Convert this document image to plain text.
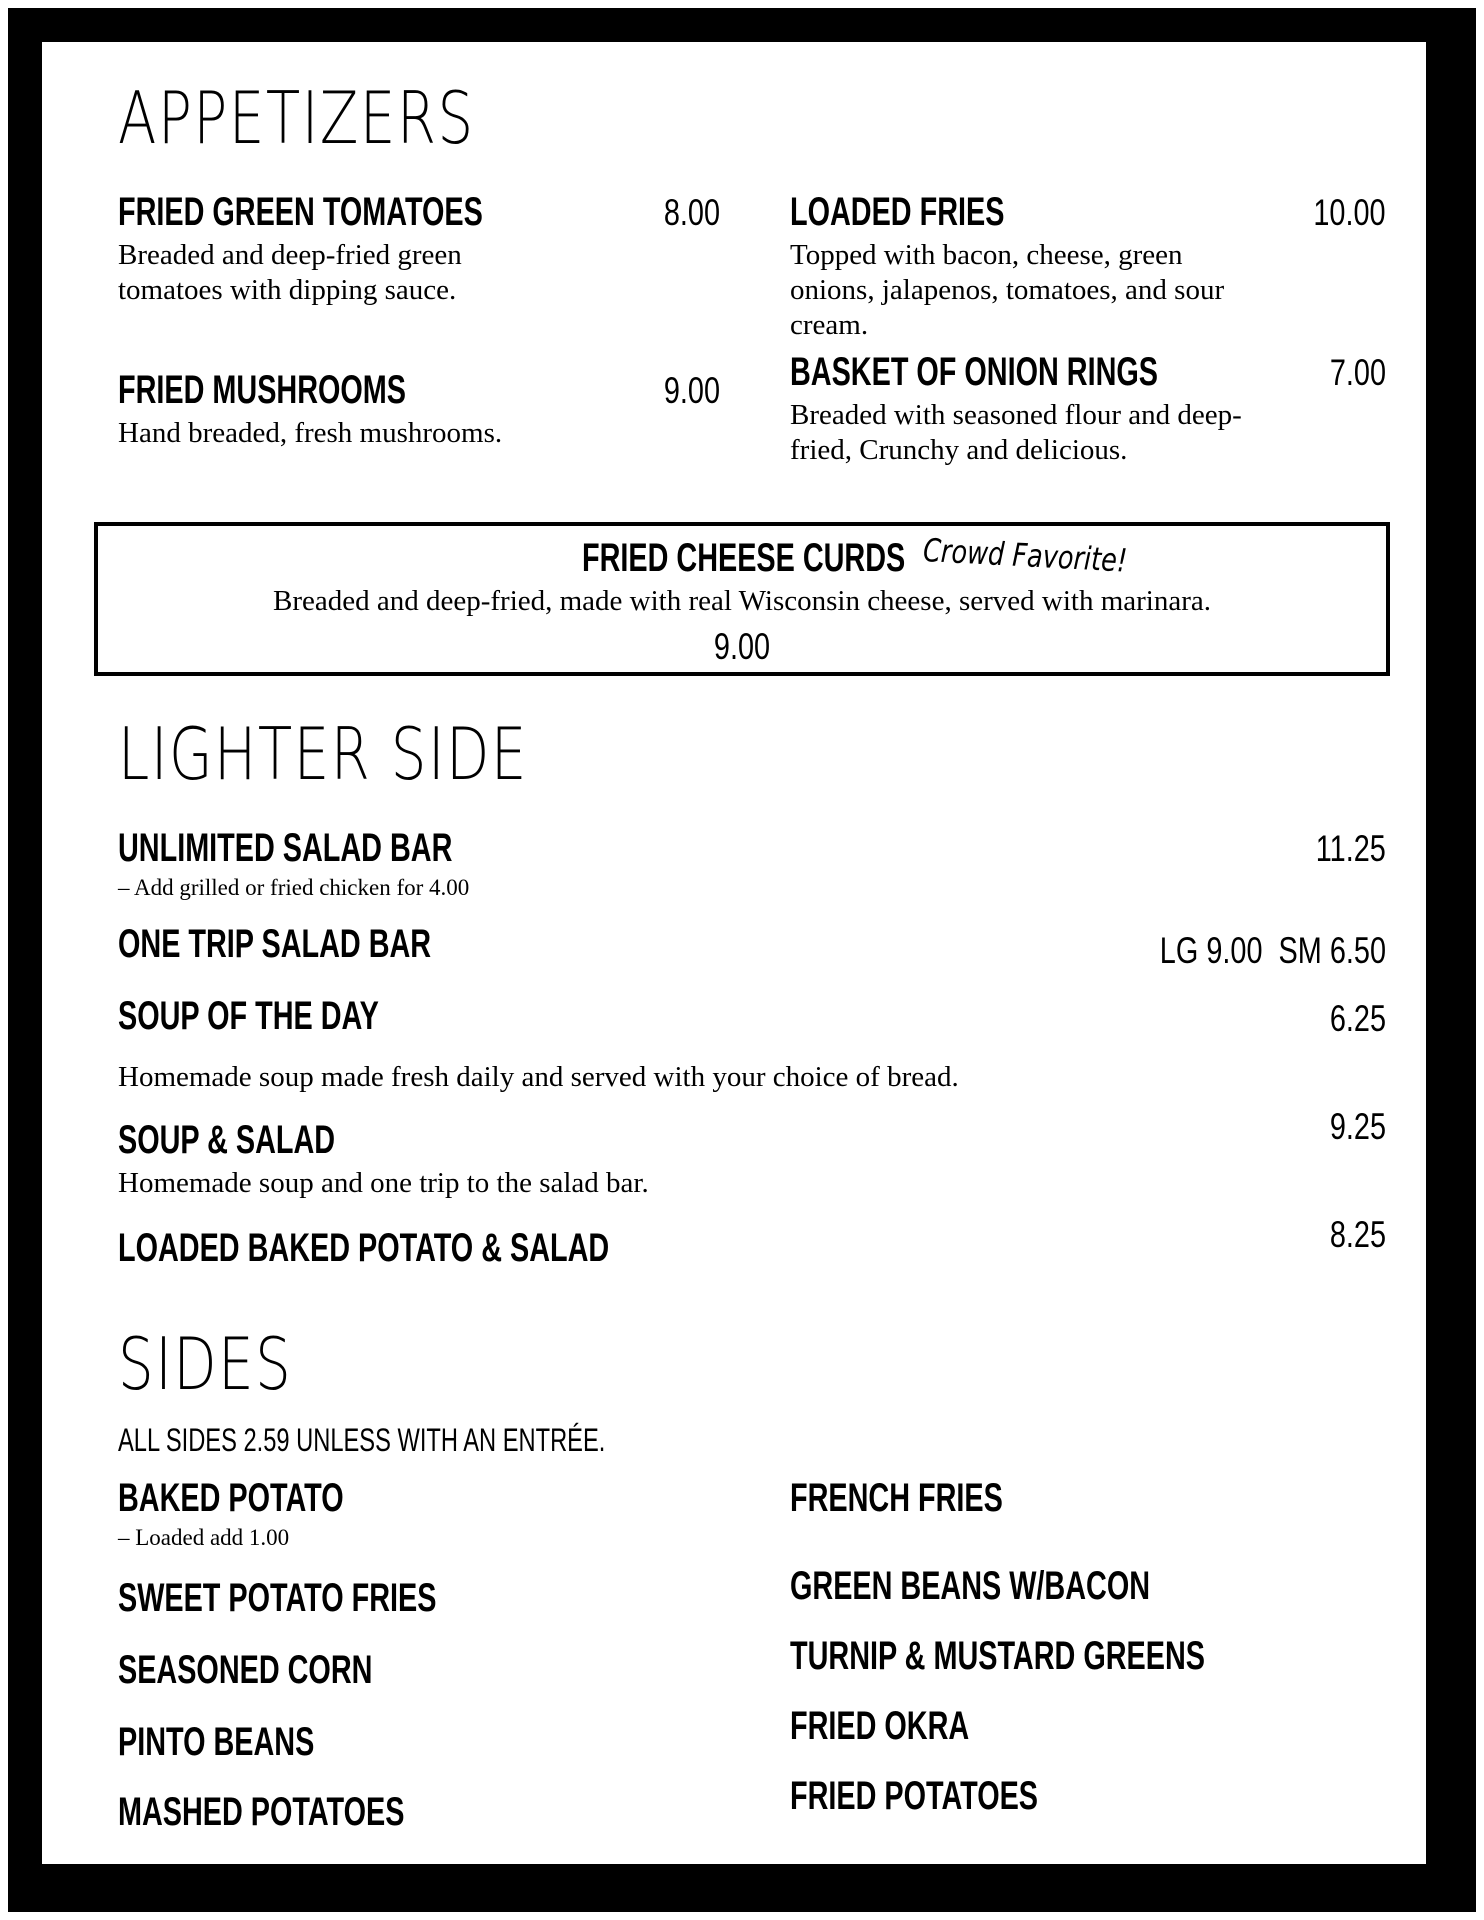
APPETIZERS
FRIED GREEN TOMATOES	8.00

Breaded and deep-fried green tomatoes with dipping sauce.

LOADED FRIES	10.00

Topped with bacon, cheese, green onions, jalapenos, tomatoes, and sour cream.

FRIED MUSHROOMS	9.00

Hand breaded, fresh mushrooms.

BASKET OF ONION RINGS	7.00

Breaded with seasoned flour and deep-fried, Crunchy and delicious.

FRIED CHEESE CURDS Crowd Favorite!

Breaded and deep-fried, made with real Wisconsin cheese, served with marinara.

9.00
LIGHTER SIDE
UNLIMITED SALAD BAR	11.25
– Add grilled or fried chicken for 4.00
ONE TRIP SALAD BAR	LG 9.00  SM 6.50
SOUP OF THE DAY	6.25

Homemade soup made fresh daily and served with your choice of bread.

SOUP & SALAD	9.25

Homemade soup and one trip to the salad bar.

LOADED BAKED POTATO & SALAD	8.25
SIDES
ALL SIDES 2.59 UNLESS WITH AN ENTRÉE.
BAKED POTATO
– Loaded add 1.00
SWEET POTATO FRIES
SEASONED CORN
PINTO BEANS
MASHED POTATOES
FRENCH FRIES
GREEN BEANS W/BACON
TURNIP & MUSTARD GREENS
FRIED OKRA
FRIED POTATOES
